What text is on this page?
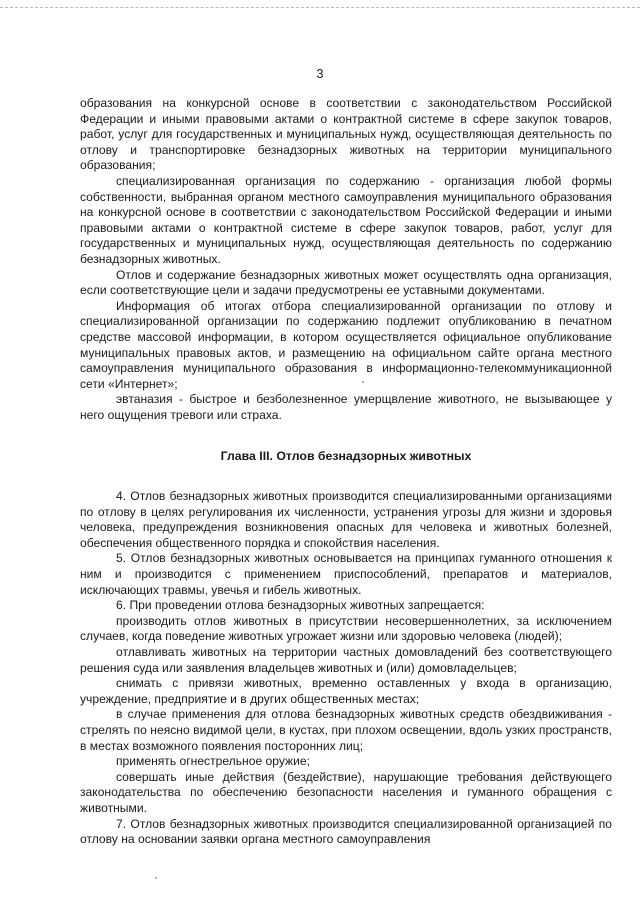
3

образования на конкурсной основе в соответствии с законодательством Российской Федерации и иными правовыми актами о контрактной системе в сфере закупок товаров, работ, услуг для государственных и муниципальных нужд, осуществляющая деятельность по отлову и транспортировке безнадзорных животных на территории муниципального образования;

специализированная организация по содержанию - организация любой формы собственности, выбранная органом местного самоуправления муниципального образования на конкурсной основе в соответствии с законодательством Российской Федерации и иными правовыми актами о контрактной системе в сфере закупок товаров, работ, услуг для государственных и муниципальных нужд, осуществляющая деятельность по содержанию безнадзорных животных.

Отлов и содержание безнадзорных животных может осуществлять одна организация, если соответствующие цели и задачи предусмотрены ее уставными документами.

Информация об итогах отбора специализированной организации по отлову и специализированной организации по содержанию подлежит опубликованию в печатном средстве массовой информации, в котором осуществляется официальное опубликование муниципальных правовых актов, и размещению на официальном сайте органа местного самоуправления муниципального образования в информационно-телекоммуникационной сети «Интернет»;

эвтаназия - быстрое и безболезненное умерщвление животного, не вызывающее у него ощущения тревоги или страха.

Глава III. Отлов безнадзорных животных

4. Отлов безнадзорных животных производится специализированными организациями по отлову в целях регулирования их численности, устранения угрозы для жизни и здоровья человека, предупреждения возникновения опасных для человека и животных болезней, обеспечения общественного порядка и спокойствия населения.

5. Отлов безнадзорных животных основывается на принципах гуманного отношения к ним и производится с применением приспособлений, препаратов и материалов, исключающих травмы, увечья и гибель животных.

6. При проведении отлова безнадзорных животных запрещается:

производить отлов животных в присутствии несовершеннолетних, за исключением случаев, когда поведение животных угрожает жизни или здоровью человека (людей);

отлавливать животных на территории частных домовладений без соответствующего решения суда или заявления владельцев животных и (или) домовладельцев;

снимать с привязи животных, временно оставленных у входа в организацию, учреждение, предприятие и в других общественных местах;

в случае применения для отлова безнадзорных животных средств обездвиживания - стрелять по неясно видимой цели, в кустах, при плохом освещении, вдоль узких пространств, в местах возможного появления посторонних лиц;

применять огнестрельное оружие;

совершать иные действия (бездействие), нарушающие требования действующего законодательства по обеспечению безопасности населения и гуманного обращения с животными.

7. Отлов безнадзорных животных производится специализированной организацией по отлову на основании заявки органа местного самоуправления
